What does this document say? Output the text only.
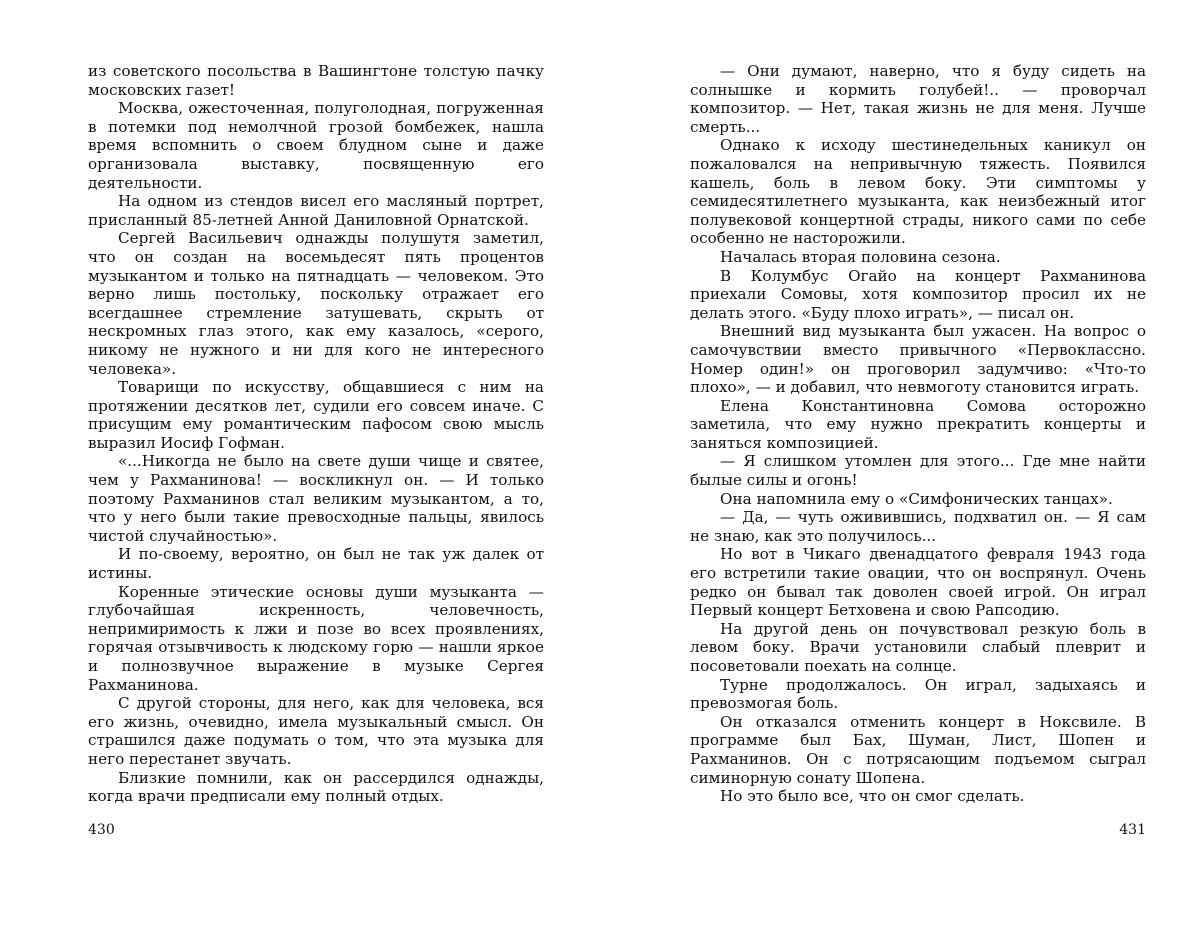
из советского посольства в Вашингтоне толстую пачку московских газет!

Москва, ожесточенная, полуголодная, погруженная в потемки под немолчной грозой бомбежек, нашла время вспомнить о своем блудном сыне и даже организовала выставку, посвященную его деятельности.

На одном из стендов висел его масляный портрет, присланный 85-летней Анной Даниловной Орнатской.

Сергей Васильевич однажды полушутя заметил, что он создан на восемьдесят пять процентов музыкантом и только на пятнадцать — человеком. Это верно лишь постольку, поскольку отражает его всегдашнее стремление затушевать, скрыть от нескромных глаз этого, как ему казалось, «серого, никому не нужного и ни для кого не интересного человека».

Товарищи по искусству, общавшиеся с ним на протяжении десятков лет, судили его совсем иначе. С присущим ему романтическим пафосом свою мысль выразил Иосиф Гофман.

«...Никогда не было на свете души чище и святее, чем у Рахманинова! — воскликнул он. — И только поэтому Рахманинов стал великим музыкантом, а то, что у него были такие превосходные пальцы, явилось чистой случайностью».

И по-своему, вероятно, он был не так уж далек от истины.

Коренные этические основы души музыканта — глубочайшая искренность, человечность, непримиримость к лжи и позе во всех проявлениях, горячая отзывчивость к людскому горю — нашли яркое и полнозвучное выражение в музыке Сергея Рахманинова.

С другой стороны, для него, как для человека, вся его жизнь, очевидно, имела музыкальный смысл. Он страшился даже подумать о том, что эта музыка для него перестанет звучать.

Близкие помнили, как он рассердился однажды, когда врачи предписали ему полный отдых.

430

— Они думают, наверно, что я буду сидеть на солнышке и кормить голубей!.. — проворчал композитор. — Нет, такая жизнь не для меня. Лучше смерть...

Однако к исходу шестинедельных каникул он пожаловался на непривычную тяжесть. Появился кашель, боль в левом боку. Эти симптомы у семидесятилетнего музыканта, как неизбежный итог полувековой концертной страды, никого сами по себе особенно не насторожили.

Началась вторая половина сезона.

В Колумбус Огайо на концерт Рахманинова приехали Сомовы, хотя композитор просил их не делать этого. «Буду плохо играть», — писал он.

Внешний вид музыканта был ужасен. На вопрос о самочувствии вместо привычного «Первоклассно. Номер один!» он проговорил задумчиво: «Что-то плохо», — и добавил, что невмоготу становится играть.

Елена Константиновна Сомова осторожно заметила, что ему нужно прекратить концерты и заняться композицией.

— Я слишком утомлен для этого... Где мне найти былые силы и огонь!

Она напомнила ему о «Симфонических танцах».

— Да, — чуть оживившись, подхватил он. — Я сам не знаю, как это получилось...

Но вот в Чикаго двенадцатого февраля 1943 года его встретили такие овации, что он воспрянул. Очень редко он бывал так доволен своей игрой. Он играл Первый концерт Бетховена и свою Рапсодию.

На другой день он почувствовал резкую боль в левом боку. Врачи установили слабый плеврит и посоветовали поехать на солнце.

Турне продолжалось. Он играл, задыхаясь и превозмогая боль.

Он отказался отменить концерт в Ноксвиле. В программе был Бах, Шуман, Лист, Шопен и Рахманинов. Он с потрясающим подъемом сыграл симинорную сонату Шопена.

Но это было все, что он смог сделать.

431
